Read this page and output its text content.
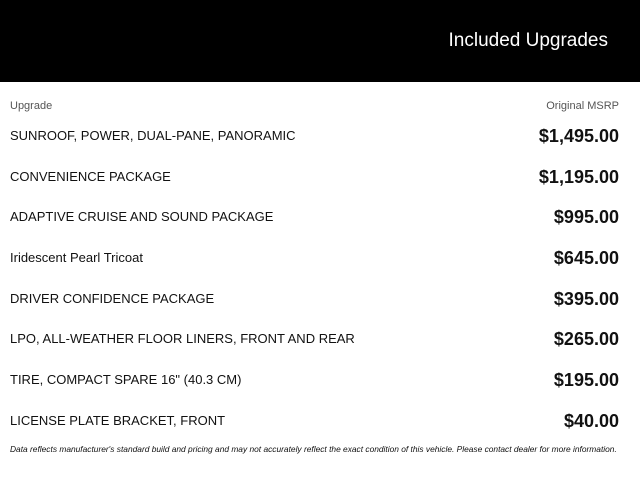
Included Upgrades
Upgrade	Original MSRP
SUNROOF, POWER, DUAL-PANE, PANORAMIC	$1,495.00
CONVENIENCE PACKAGE	$1,195.00
ADAPTIVE CRUISE AND SOUND PACKAGE	$995.00
Iridescent Pearl Tricoat	$645.00
DRIVER CONFIDENCE PACKAGE	$395.00
LPO, ALL-WEATHER FLOOR LINERS, FRONT AND REAR	$265.00
TIRE, COMPACT SPARE 16" (40.3 CM)	$195.00
LICENSE PLATE BRACKET, FRONT	$40.00
Data reflects manufacturer's standard build and pricing and may not accurately reflect the exact condition of this vehicle. Please contact dealer for more information.
